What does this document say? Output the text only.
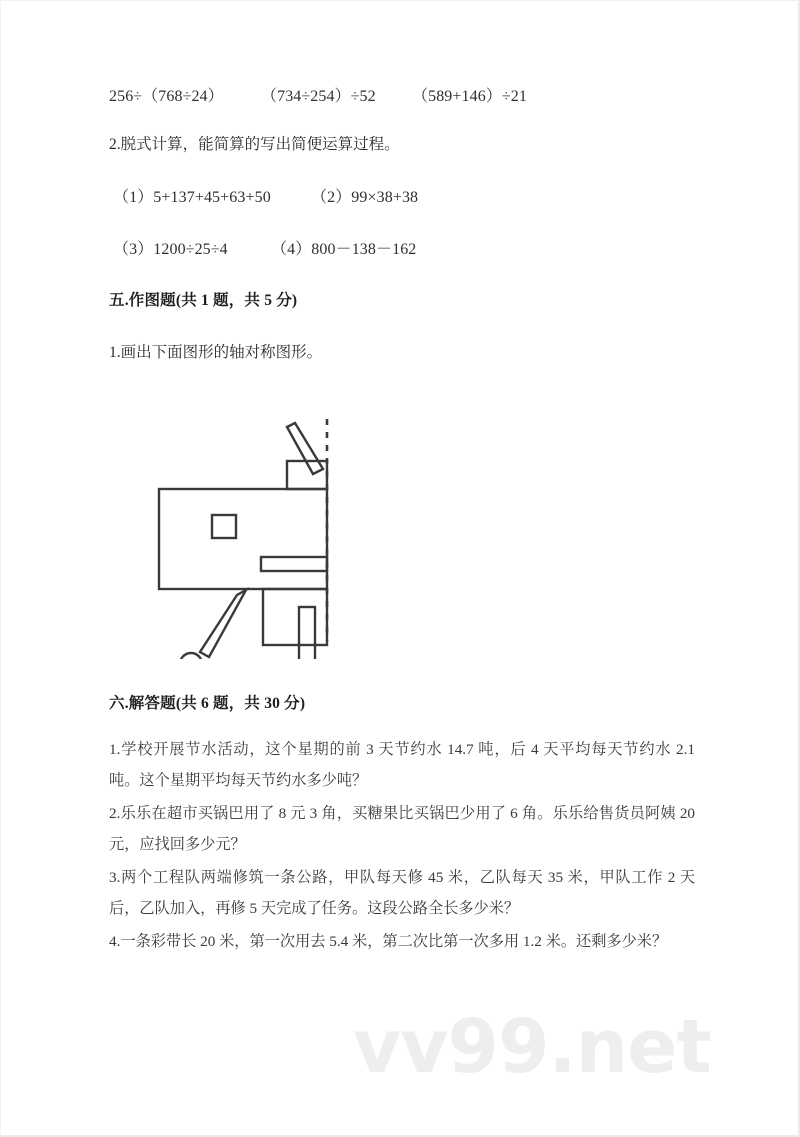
256÷（768÷24） （734÷254）÷52 （589+146）÷21
2.脱式计算，能简算的写出简便运算过程。
（1）5+137+45+63+50	（2）99×38+38
（3）1200÷25÷4	（4）800－138－162
五.作图题(共 1 题，共 5 分)
1.画出下面图形的轴对称图形。
六.解答题(共 6 题，共 30 分)
1.学校开展节水活动，这个星期的前 3 天节约水 14.7 吨，后 4 天平均每天节约水 2.1 吨。这个星期平均每天节约水多少吨？
2.乐乐在超市买锅巴用了 8 元 3 角，买糖果比买锅巴少用了 6 角。乐乐给售货员阿姨 20 元，应找回多少元？
3.两个工程队两端修筑一条公路，甲队每天修 45 米，乙队每天 35 米，甲队工作 2 天后，乙队加入，再修 5 天完成了任务。这段公路全长多少米？
4.一条彩带长 20 米，第一次用去 5.4 米，第二次比第一次多用 1.2 米。还剩多少米？
vv99.net
